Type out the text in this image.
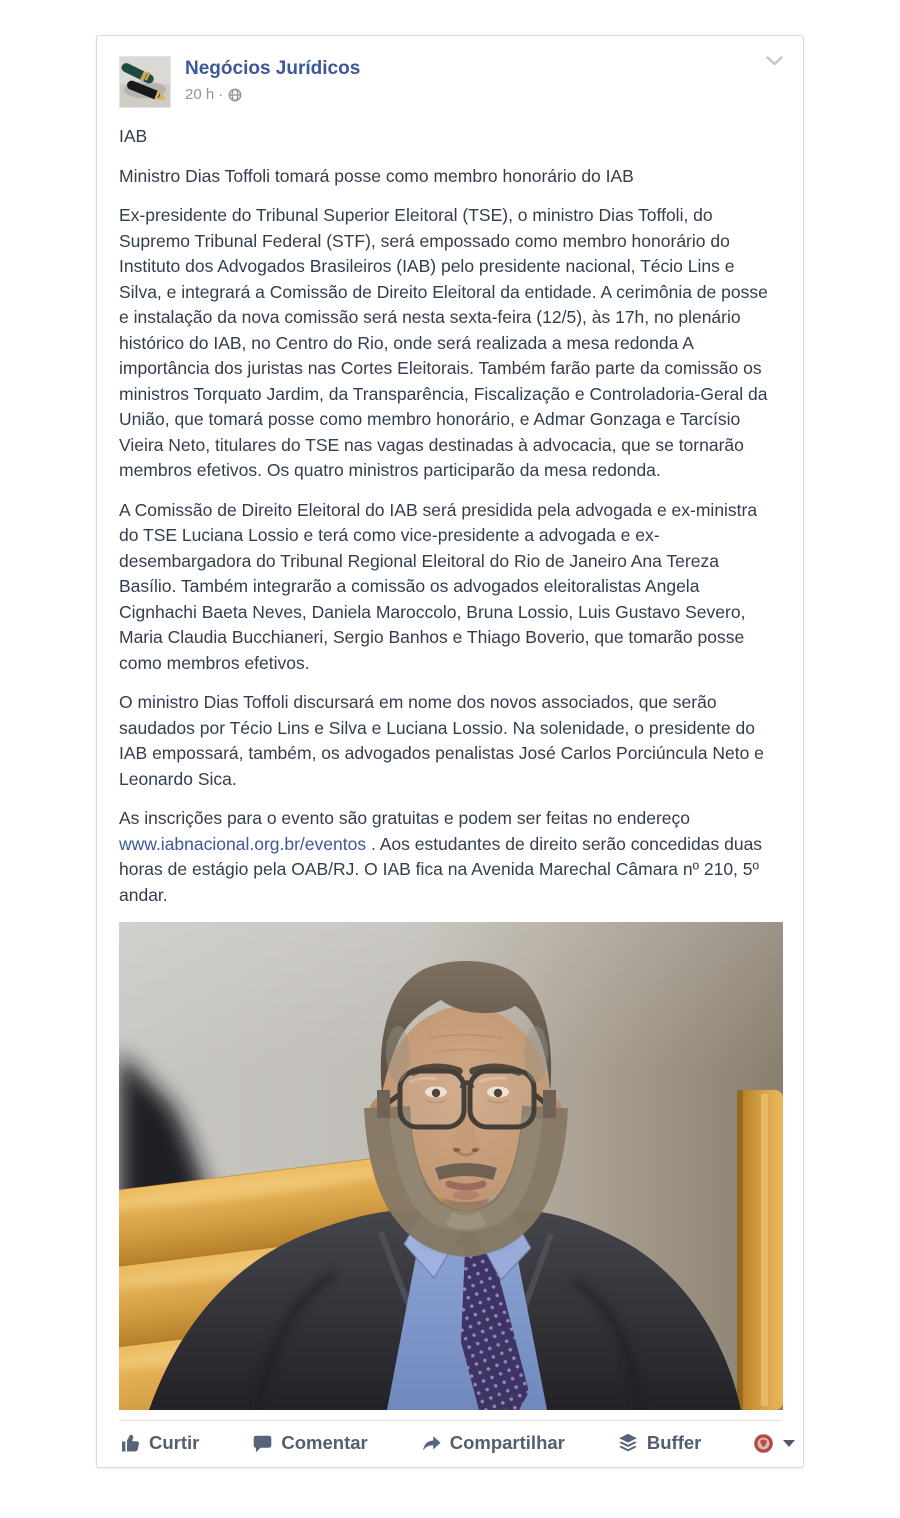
Negócios Jurídicos
20 h ·

IAB

Ministro Dias Toffoli tomará posse como membro honorário do IAB

Ex-presidente do Tribunal Superior Eleitoral (TSE), o ministro Dias Toffoli, do Supremo Tribunal Federal (STF), será empossado como membro honorário do Instituto dos Advogados Brasileiros (IAB) pelo presidente nacional, Técio Lins e Silva, e integrará a Comissão de Direito Eleitoral da entidade. A cerimônia de posse e instalação da nova comissão será nesta sexta-feira (12/5), às 17h, no plenário histórico do IAB, no Centro do Rio, onde será realizada a mesa redonda A importância dos juristas nas Cortes Eleitorais. Também farão parte da comissão os ministros Torquato Jardim, da Transparência, Fiscalização e Controladoria-Geral da União, que tomará posse como membro honorário, e Admar Gonzaga e Tarcísio Vieira Neto, titulares do TSE nas vagas destinadas à advocacia, que se tornarão membros efetivos. Os quatro ministros participarão da mesa redonda.

A Comissão de Direito Eleitoral do IAB será presidida pela advogada e ex-ministra do TSE Luciana Lossio e terá como vice-presidente a advogada e ex-desembargadora do Tribunal Regional Eleitoral do Rio de Janeiro Ana Tereza Basílio. Também integrarão a comissão os advogados eleitoralistas Angela Cignhachi Baeta Neves, Daniela Maroccolo, Bruna Lossio, Luis Gustavo Severo, Maria Claudia Bucchianeri, Sergio Banhos e Thiago Boverio, que tomarão posse como membros efetivos.

O ministro Dias Toffoli discursará em nome dos novos associados, que serão saudados por Técio Lins e Silva e Luciana Lossio. Na solenidade, o presidente do IAB empossará, também, os advogados penalistas José Carlos Porciúncula Neto e Leonardo Sica.

As inscrições para o evento são gratuitas e podem ser feitas no endereço www.iabnacional.org.br/eventos . Aos estudantes de direito serão concedidas duas horas de estágio pela OAB/RJ. O IAB fica na Avenida Marechal Câmara nº 210, 5º andar.

Curtir	Comentar	Compartilhar	Buffer
